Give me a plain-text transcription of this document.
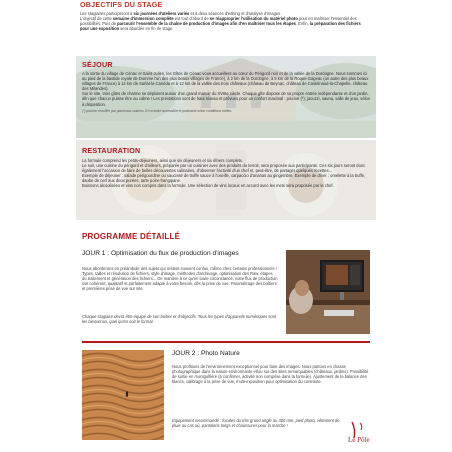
OBJECTIFS DU STAGE

Les stagiaires participeront à six journées d'ateliers variés et à deux séances d'editing et d'analyse d'images.

L'objectif de cette semaine d'immersion complète est tout d'abord de se réapproprier l'utilisation du matériel photo pour en maîtriser l'essentiel des possibilités. Puis de parcourir l'ensemble de la chaîne de production d'images afin d'en maîtriser tous les étapes. Enfin, la préparation des fichiers pour une exposition sera abordée en fin de stage.

SÉJOUR

A la sortie du village de Cénac et Saint-Julien, les Gîtes de Cénac vous accueillent au cœur du Périgord noir et de la vallée de la Dordogne. Nous sommes ici au pied de la bastide royale de Domme l'un des plus beaux villages de France), à 2 km de la Dordogne, à 5 km de la Roque-Gageac (un autre des plus beaux villages de France) à 12 km de Sarlat-la-Canéda et à 12 km de la vallée des trois châteaux (château de Beynac, château de Castelnaud-la-Chapelle, château des Milandes).

Sur le site, trois gîtes de charme se déploient autour d'un grand manoir du XVIIIe siècle. Chaque gîte dispose de sa propre entrée indépendante et d'un jardin, afin que chacun puisse être au calme ! Les prestations sont de haut niveau et prévues pour un confort maximal : piscine (*), jacuzzi, sauna, salle de jeux, vélos à disposition.

(*) piscine chauffée par panneaux solaires. En octobre accessible et praticable selon conditions météo.

RESTAURATION

La formule comprend les petits-déjeuners, ainsi que six déjeuners et six dîners complets.

Le soir, une cuisine du périgord et d'ailleurs, préparée par un cuisinier avec des produits du terroir, sera proposée aux participants. Ces six jours seront donc également l'occasion de faire de belles découvertes culinaires, d'observer l'activité d'un chef et, peut-être, de partager quelques recettes...

Exemple de déjeuner : salade périgourdine ou saucisse de truffe sauce à l'oseille, carpaccio d'ananas au gingembre. Exemple de dîner : omelette à la truffe, daube de cerf aux deux purées, tarte poire-frangipane.

Boissons alcoolisées et vins non compris dans la formule. Une sélection de vins locaux en accord avec les mets sera proposée par le chef.

PROGRAMME DÉTAILLÉ
JOUR 1 : Optimisation du flux de production d'images

Nous aborderons en préambule des sujets qui restent souvent confus, même chez certains professionnels ! Types, tailles et résolution de fichiers, style d'image, méthodes d'archivage, optimisation des Raw, étapes du traitement et génération des fichiers... De manière à ce qu'en toute circonstance, votre flux de production soit cohérent, qualitatif et parfaitement adapté à votre besoin, dès la prise de vue. Paramétrage des boîtiers et premières prise de vue sur site.

Chaque stagiaire devra être équipé de son boîtier et d'objectifs. Tous les types d'appareils numériques sont les bienvenus, quel qu'en soit le format.

JOUR 2 : Photo Nature

Nous profitions de l'environnement exceptionnel pour faire des images. Nous partons en chasse photographique dans la nature environnante et/ou sur des sites remarquables (châteaux, jardins). Possibilité de sortie en montgolfière (à confirmer, activité non comprise dans la formule). Ajustement de la balance des blancs, calibrage à la prise de vue, multi-exposition pour optimisation du contraste.

Equipement recommandé : focales du très grand angle au 300 mm, pied photo, vêtement de pluie au cas où, pantalons longs et chaussures pour la marche !

Le Pôle
